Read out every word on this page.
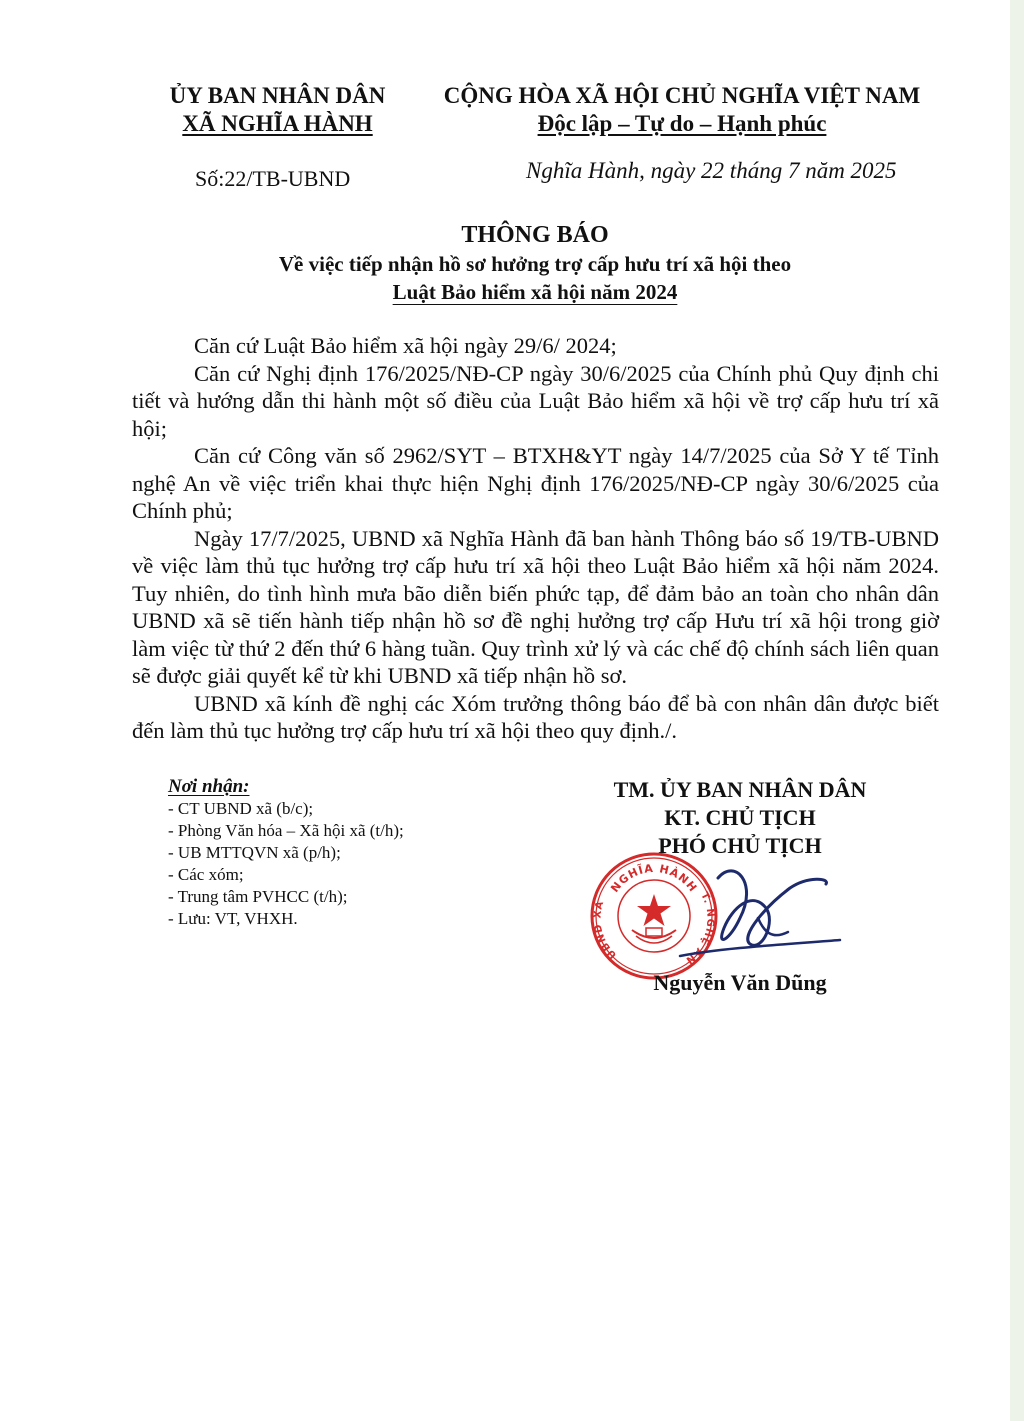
ỦY BAN NHÂN DÂN
XÃ NGHĨA HÀNH
CỘNG HÒA XÃ HỘI CHỦ NGHĨA VIỆT NAM
Độc lập – Tự do – Hạnh phúc
Số:22/TB-UBND	Nghĩa Hành, ngày 22 tháng 7 năm 2025
THÔNG BÁO
Về việc tiếp nhận hồ sơ hưởng trợ cấp hưu trí xã hội theo
Luật Bảo hiểm xã hội năm 2024

Căn cứ Luật Bảo hiểm xã hội ngày 29/6/ 2024;

Căn cứ Nghị định 176/2025/NĐ-CP ngày 30/6/2025 của Chính phủ Quy định chi tiết và hướng dẫn thi hành một số điều của Luật Bảo hiểm xã hội về trợ cấp hưu trí xã hội;

Căn cứ Công văn số 2962/SYT – BTXH&YT ngày 14/7/2025 của Sở Y tế Tỉnh nghệ An về việc triển khai thực hiện Nghị định 176/2025/NĐ-CP ngày 30/6/2025 của Chính phủ;

Ngày 17/7/2025, UBND xã Nghĩa Hành đã ban hành Thông báo số 19/TB-UBND về việc làm thủ tục hưởng trợ cấp hưu trí xã hội theo Luật Bảo hiểm xã hội năm 2024. Tuy nhiên, do tình hình mưa bão diễn biến phức tạp, để đảm bảo an toàn cho nhân dân UBND xã sẽ tiến hành tiếp nhận hồ sơ đề nghị hưởng trợ cấp Hưu trí xã hội trong giờ làm việc từ thứ 2 đến thứ 6 hàng tuần. Quy trình xử lý và các chế độ chính sách liên quan sẽ được giải quyết kể từ khi UBND xã tiếp nhận hồ sơ.

UBND xã kính đề nghị các Xóm trưởng thông báo để bà con nhân dân được biết đến làm thủ tục hưởng trợ cấp hưu trí xã hội theo quy định./.

Nơi nhận:
- CT UBND xã (b/c);
- Phòng Văn hóa – Xã hội xã (t/h);
- UB MTTQVN xã (p/h);
- Các xóm;
- Trung tâm PVHCC (t/h);
- Lưu: VT, VHXH.
TM. ỦY BAN NHÂN DÂN
KT. CHỦ TỊCH
PHÓ CHỦ TỊCH
NGHĨA HÀNH
UBND XÃ
T. NGHỆ AN
Nguyễn Văn Dũng
